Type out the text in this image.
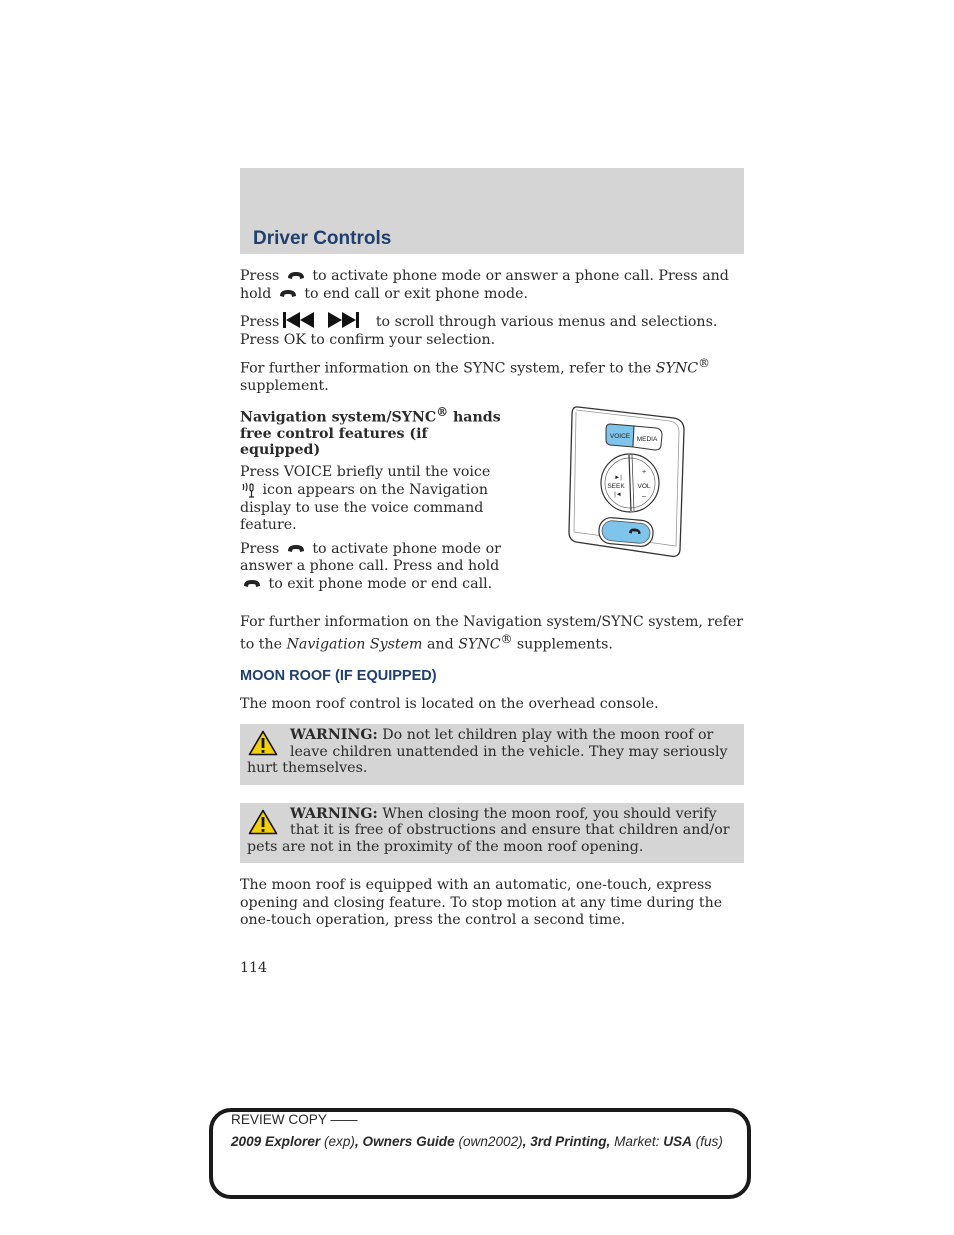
Driver Controls

Press to activate phone mode or answer a phone call. Press and hold to end call or exit phone mode.

Press	to scroll through various menus and selections. Press OK to confirm your selection.

For further information on the SYNC system, refer to the SYNC® supplement.

Navigation system/SYNC® hands free control features (if equipped)

Press VOICE briefly until the voice  icon appears on the Navigation display to use the voice command feature.

Press to activate phone mode or answer a phone call. Press and hold  to exit phone mode or end call.

VOICE MEDIA
►|
|◄
SEEK
+
VOL
–

For further information on the Navigation system/SYNC system, refer to the Navigation System and SYNC® supplements.

MOON ROOF (IF EQUIPPED)

The moon roof control is located on the overhead console.

WARNING: Do not let children play with the moon roof or leave children unattended in the vehicle. They may seriously hurt themselves.
WARNING: When closing the moon roof, you should verify that it is free of obstructions and ensure that children and/or pets are not in the proximity of the moon roof opening.

The moon roof is equipped with an automatic, one-touch, express opening and closing feature. To stop motion at any time during the one-touch operation, press the control a second time.

114

REVIEW COPY ——

2009 Explorer (exp), Owners Guide (own2002), 3rd Printing, Market: USA (fus)
